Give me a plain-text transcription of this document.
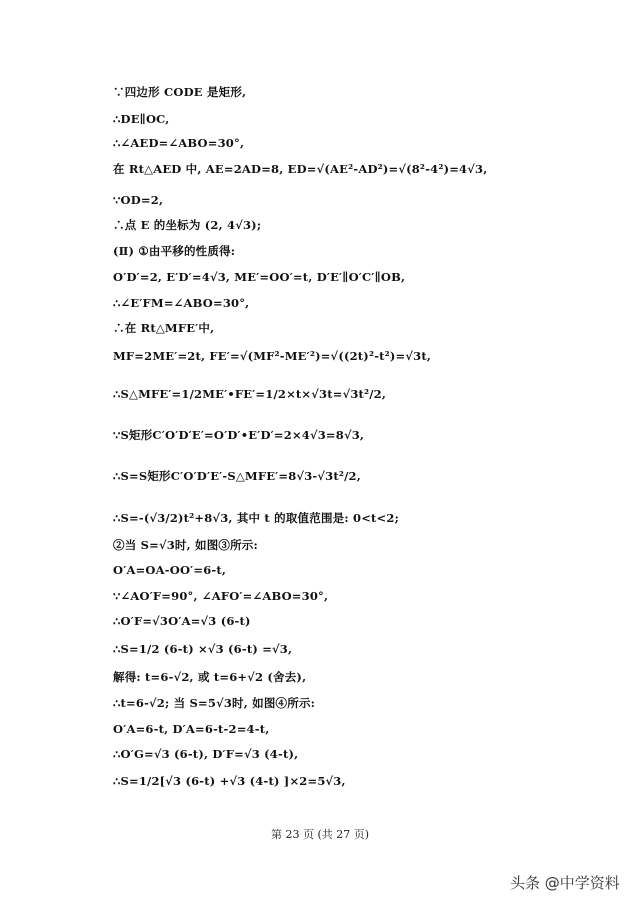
∵四边形 CODE 是矩形,
∴DE∥OC,
∴∠AED=∠ABO=30°,
在 Rt△AED 中, AE=2AD=8, ED=√(AE²-AD²)=√(8²-4²)=4√3,
∵OD=2,
∴点 E 的坐标为 (2, 4√3);
(Ⅱ) ①由平移的性质得:
O′D′=2, E′D′=4√3, ME′=OO′=t, D′E′∥O′C′∥OB,
∴∠E′FM=∠ABO=30°,
∴在 Rt△MFE′中,
MF=2ME′=2t, FE′=√(MF²-ME′²)=√((2t)²-t²)=√3t,
∴S△MFE′=1/2ME′•FE′=1/2×t×√3t=√3t²/2,
∵S矩形C′O′D′E′=O′D′•E′D′=2×4√3=8√3,
∴S=S矩形C′O′D′E′-S△MFE′=8√3-√3t²/2,
∴S=-(√3/2)t²+8√3, 其中 t 的取值范围是: 0<t<2;
②当 S=√3时, 如图③所示:
O′A=OA-OO′=6-t,
∵∠AO′F=90°, ∠AFO′=∠ABO=30°,
∴O′F=√3O′A=√3 (6-t)
∴S=1/2 (6-t) ×√3 (6-t) =√3,
解得: t=6-√2, 或 t=6+√2 (舍去),
∴t=6-√2; 当 S=5√3时, 如图④所示:
O′A=6-t, D′A=6-t-2=4-t,
∴O′G=√3 (6-t), D′F=√3 (4-t),
∴S=1/2[√3 (6-t) +√3 (4-t) ]×2=5√3,
第 23 页 (共 27 页)
头条 @中学资料
